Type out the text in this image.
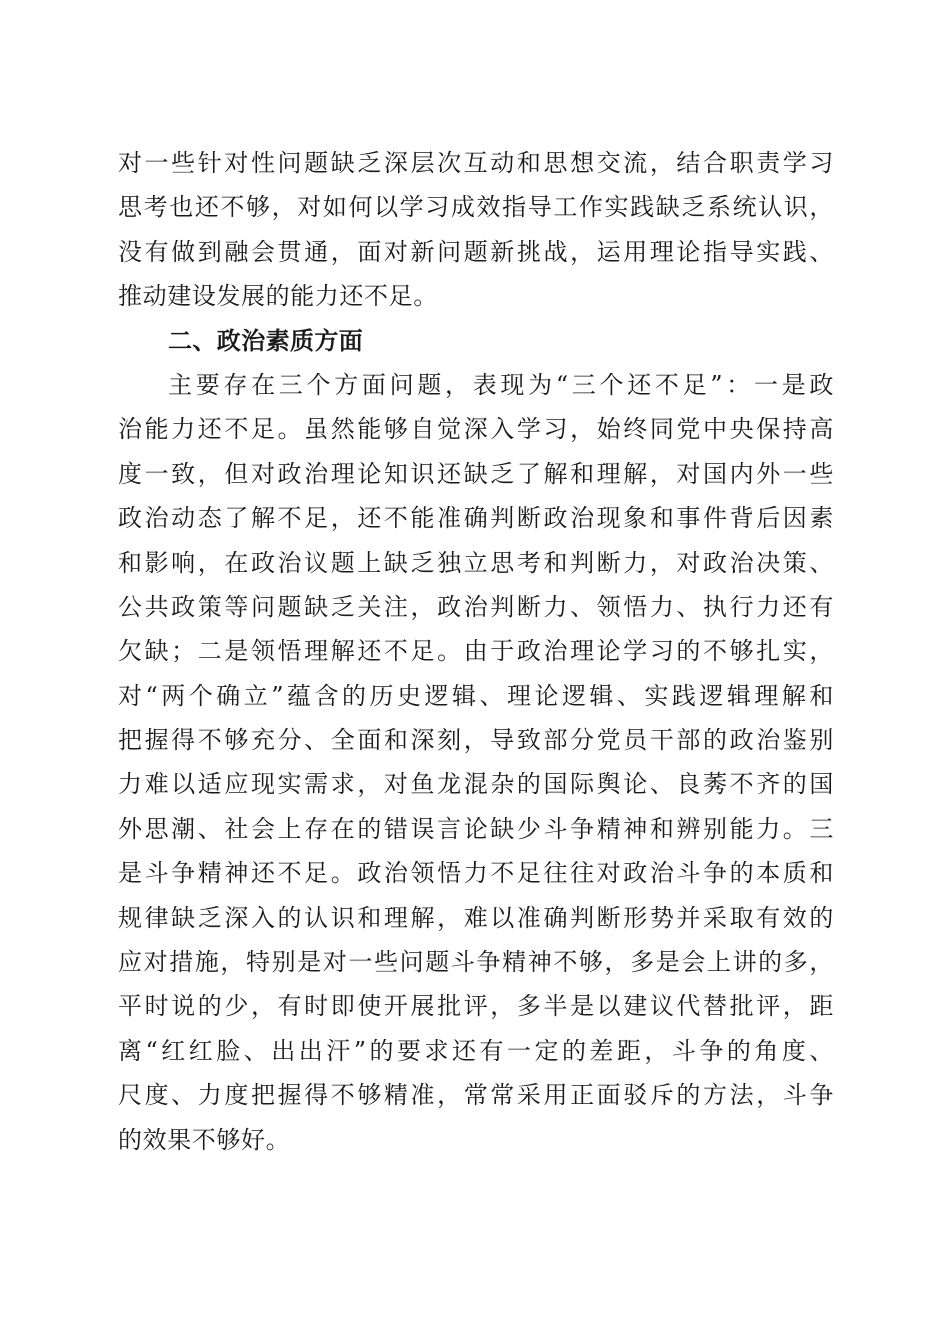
对一些针对性问题缺乏深层次互动和思想交流，结合职责学习
思考也还不够，对如何以学习成效指导工作实践缺乏系统认识，
没有做到融会贯通，面对新问题新挑战，运用理论指导实践、
推动建设发展的能力还不足。
二、政治素质方面
主要存在三个方面问题，表现为“三个还不足”：一是政
治能力还不足。虽然能够自觉深入学习，始终同党中央保持高
度一致，但对政治理论知识还缺乏了解和理解，对国内外一些
政治动态了解不足，还不能准确判断政治现象和事件背后因素
和影响，在政治议题上缺乏独立思考和判断力，对政治决策、
公共政策等问题缺乏关注，政治判断力、领悟力、执行力还有
欠缺；二是领悟理解还不足。由于政治理论学习的不够扎实，
对“两个确立”蕴含的历史逻辑、理论逻辑、实践逻辑理解和
把握得不够充分、全面和深刻，导致部分党员干部的政治鉴别
力难以适应现实需求，对鱼龙混杂的国际舆论、良莠不齐的国
外思潮、社会上存在的错误言论缺少斗争精神和辨别能力。三
是斗争精神还不足。政治领悟力不足往往对政治斗争的本质和
规律缺乏深入的认识和理解，难以准确判断形势并采取有效的
应对措施，特别是对一些问题斗争精神不够，多是会上讲的多，
平时说的少，有时即使开展批评，多半是以建议代替批评，距
离“红红脸、出出汗”的要求还有一定的差距，斗争的角度、
尺度、力度把握得不够精准，常常采用正面驳斥的方法，斗争
的效果不够好。
